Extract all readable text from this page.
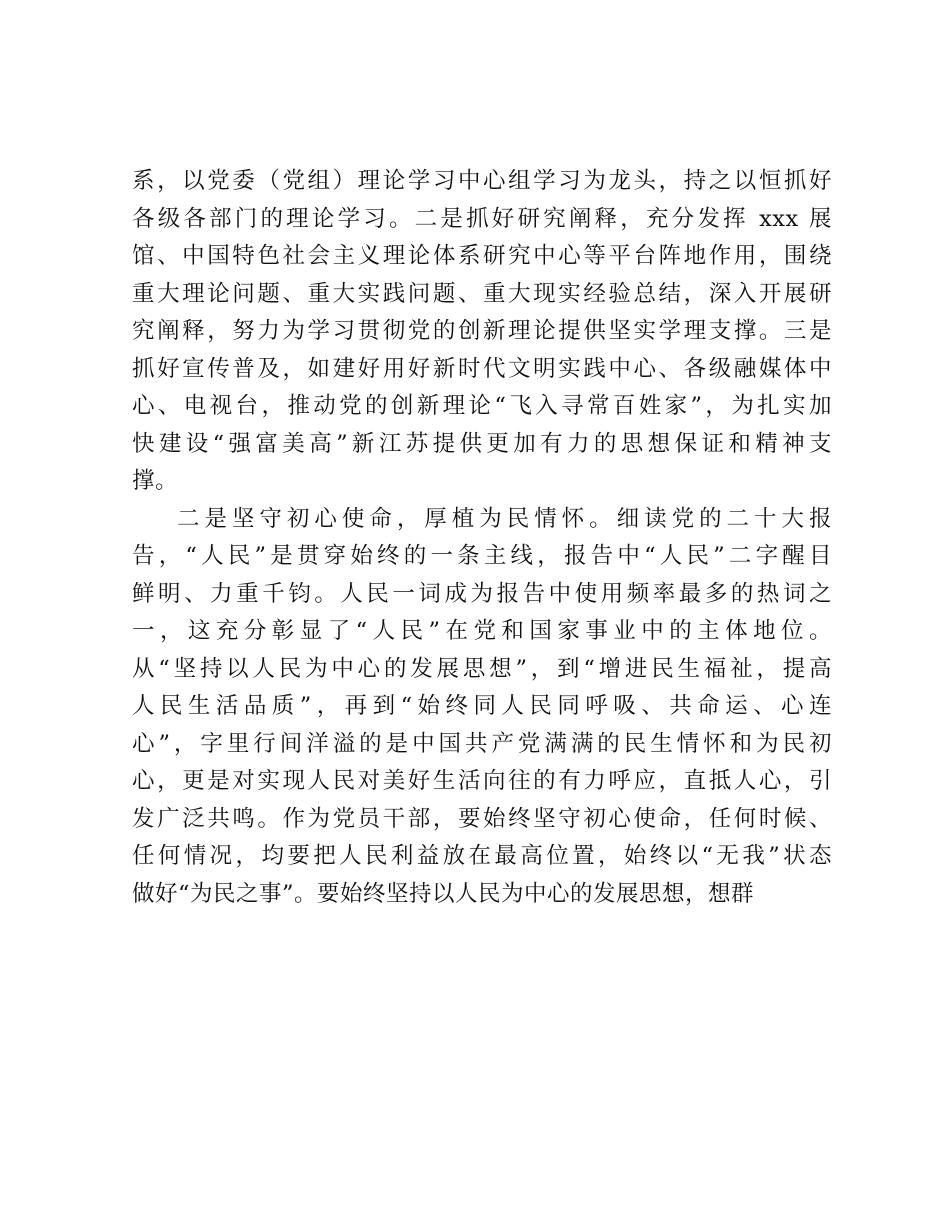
系，以党委（党组）理论学习中心组学习为龙头，持之以恒抓好
各级各部门的理论学习。二是抓好研究阐释，充分发挥 xxx 展
馆、中国特色社会主义理论体系研究中心等平台阵地作用，围绕
重大理论问题、重大实践问题、重大现实经验总结，深入开展研
究阐释，努力为学习贯彻党的创新理论提供坚实学理支撑。三是
抓好宣传普及，如建好用好新时代文明实践中心、各级融媒体中
心、电视台，推动党的创新理论“飞入寻常百姓家”，为扎实加
快建设“强富美高”新江苏提供更加有力的思想保证和精神支
撑。
二是坚守初心使命，厚植为民情怀。细读党的二十大报
告，“人民”是贯穿始终的一条主线，报告中“人民”二字醒目
鲜明、力重千钧。人民一词成为报告中使用频率最多的热词之
一，这充分彰显了“人民”在党和国家事业中的主体地位。
从“坚持以人民为中心的发展思想”，到“增进民生福祉，提高
人民生活品质”，再到“始终同人民同呼吸、共命运、心连
心”，字里行间洋溢的是中国共产党满满的民生情怀和为民初
心，更是对实现人民对美好生活向往的有力呼应，直抵人心，引
发广泛共鸣。作为党员干部，要始终坚守初心使命，任何时候、
任何情况，均要把人民利益放在最高位置，始终以“无我”状态
做好“为民之事”。要始终坚持以人民为中心的发展思想，想群
